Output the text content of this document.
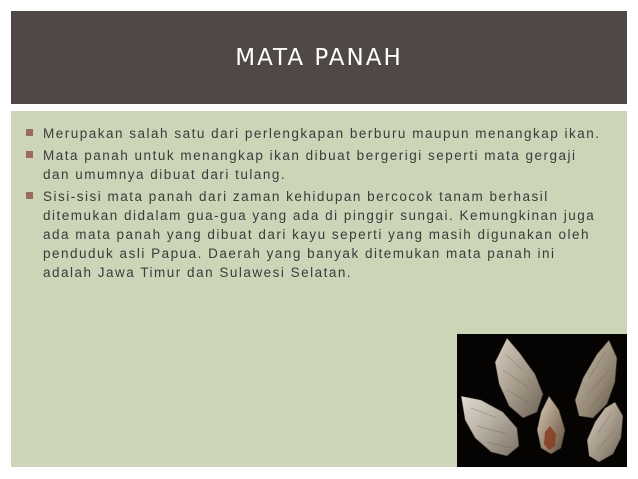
MATA PANAH
Merupakan salah satu dari perlengkapan berburu maupun menangkap ikan.
Mata panah untuk menangkap ikan dibuat bergerigi seperti mata gergaji dan umumnya dibuat dari tulang.
Sisi-sisi mata panah dari zaman kehidupan bercocok tanam berhasil ditemukan didalam gua-gua yang ada di pinggir sungai. Kemungkinan juga ada mata panah yang dibuat dari kayu seperti yang masih digunakan oleh penduduk asli Papua. Daerah yang banyak ditemukan mata panah ini adalah Jawa Timur dan Sulawesi Selatan.
